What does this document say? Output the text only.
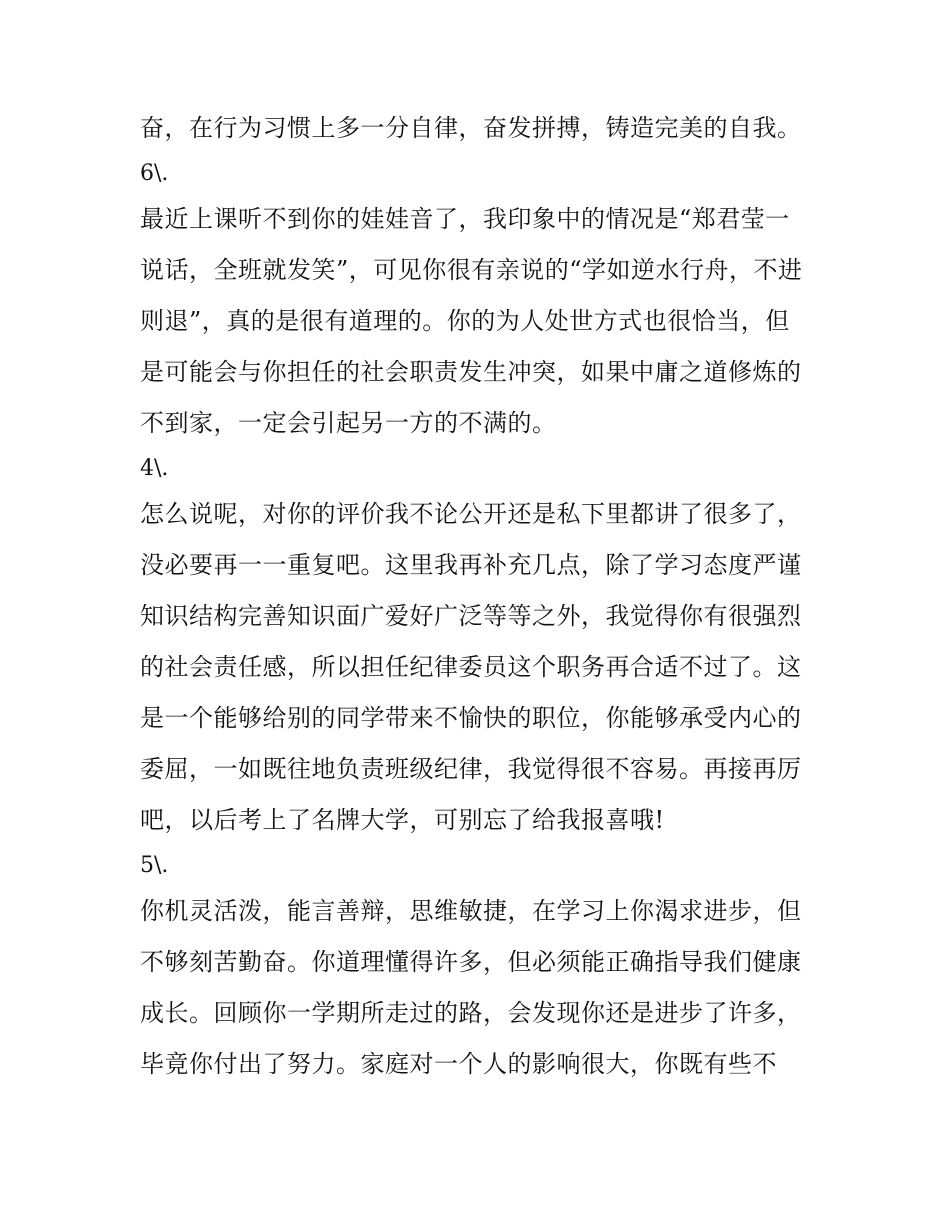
奋，在行为习惯上多一分自律，奋发拼搏，铸造完美的自我。
6\.
最近上课听不到你的娃娃音了，我印象中的情况是“郑君莹一
说话，全班就发笑”，可见你很有亲说的“学如逆水行舟，不进
则退”，真的是很有道理的。你的为人处世方式也很恰当，但
是可能会与你担任的社会职责发生冲突，如果中庸之道修炼的
不到家，一定会引起另一方的不满的。
4\.
怎么说呢，对你的评价我不论公开还是私下里都讲了很多了，
没必要再一一重复吧。这里我再补充几点，除了学习态度严谨
知识结构完善知识面广爱好广泛等等之外，我觉得你有很强烈
的社会责任感，所以担任纪律委员这个职务再合适不过了。这
是一个能够给别的同学带来不愉快的职位，你能够承受内心的
委屈，一如既往地负责班级纪律，我觉得很不容易。再接再厉
吧，以后考上了名牌大学，可别忘了给我报喜哦!
5\.
你机灵活泼，能言善辩，思维敏捷，在学习上你渴求进步，但
不够刻苦勤奋。你道理懂得许多，但必须能正确指导我们健康
成长。回顾你一学期所走过的路，会发现你还是进步了许多，
毕竟你付出了努力。家庭对一个人的影响很大，你既有些不
